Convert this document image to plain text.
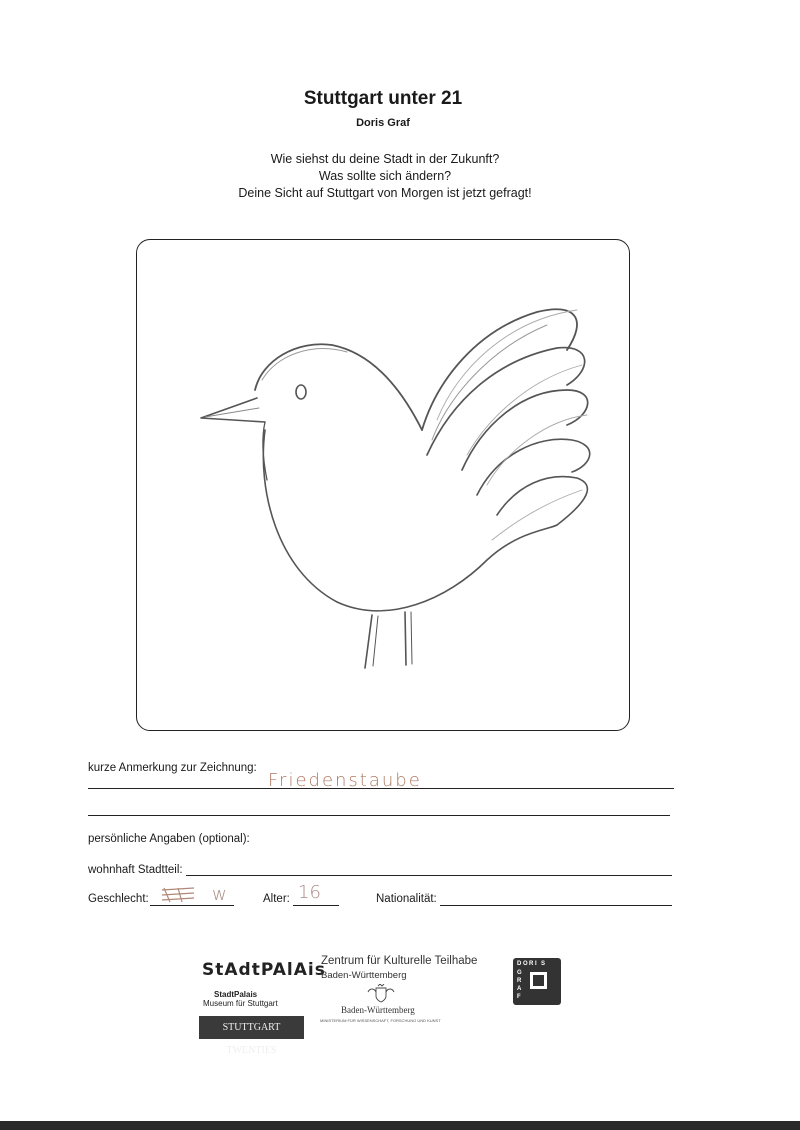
Stuttgart unter 21
Doris Graf
Wie siehst du deine Stadt in der Zukunft?
Was sollte sich ändern?
Deine Sicht auf Stuttgart von Morgen ist jetzt gefragt!
kurze Anmerkung zur Zeichnung:
Friedenstaube
persönliche Angaben (optional):
wohnhaft Stadtteil:
Geschlecht:	w	Alter: 16	Nationalität:
StAdtPAlAis
StadtPalais
Museum für Stuttgart
STUTTGART TWENTIES
Zentrum für Kulturelle Teilhabe
Baden-Württemberg
Baden-Württemberg
MINISTERIUM FÜR WISSENSCHAFT, FORSCHUNG UND KUNST
D O R I S
G
R
A
F
